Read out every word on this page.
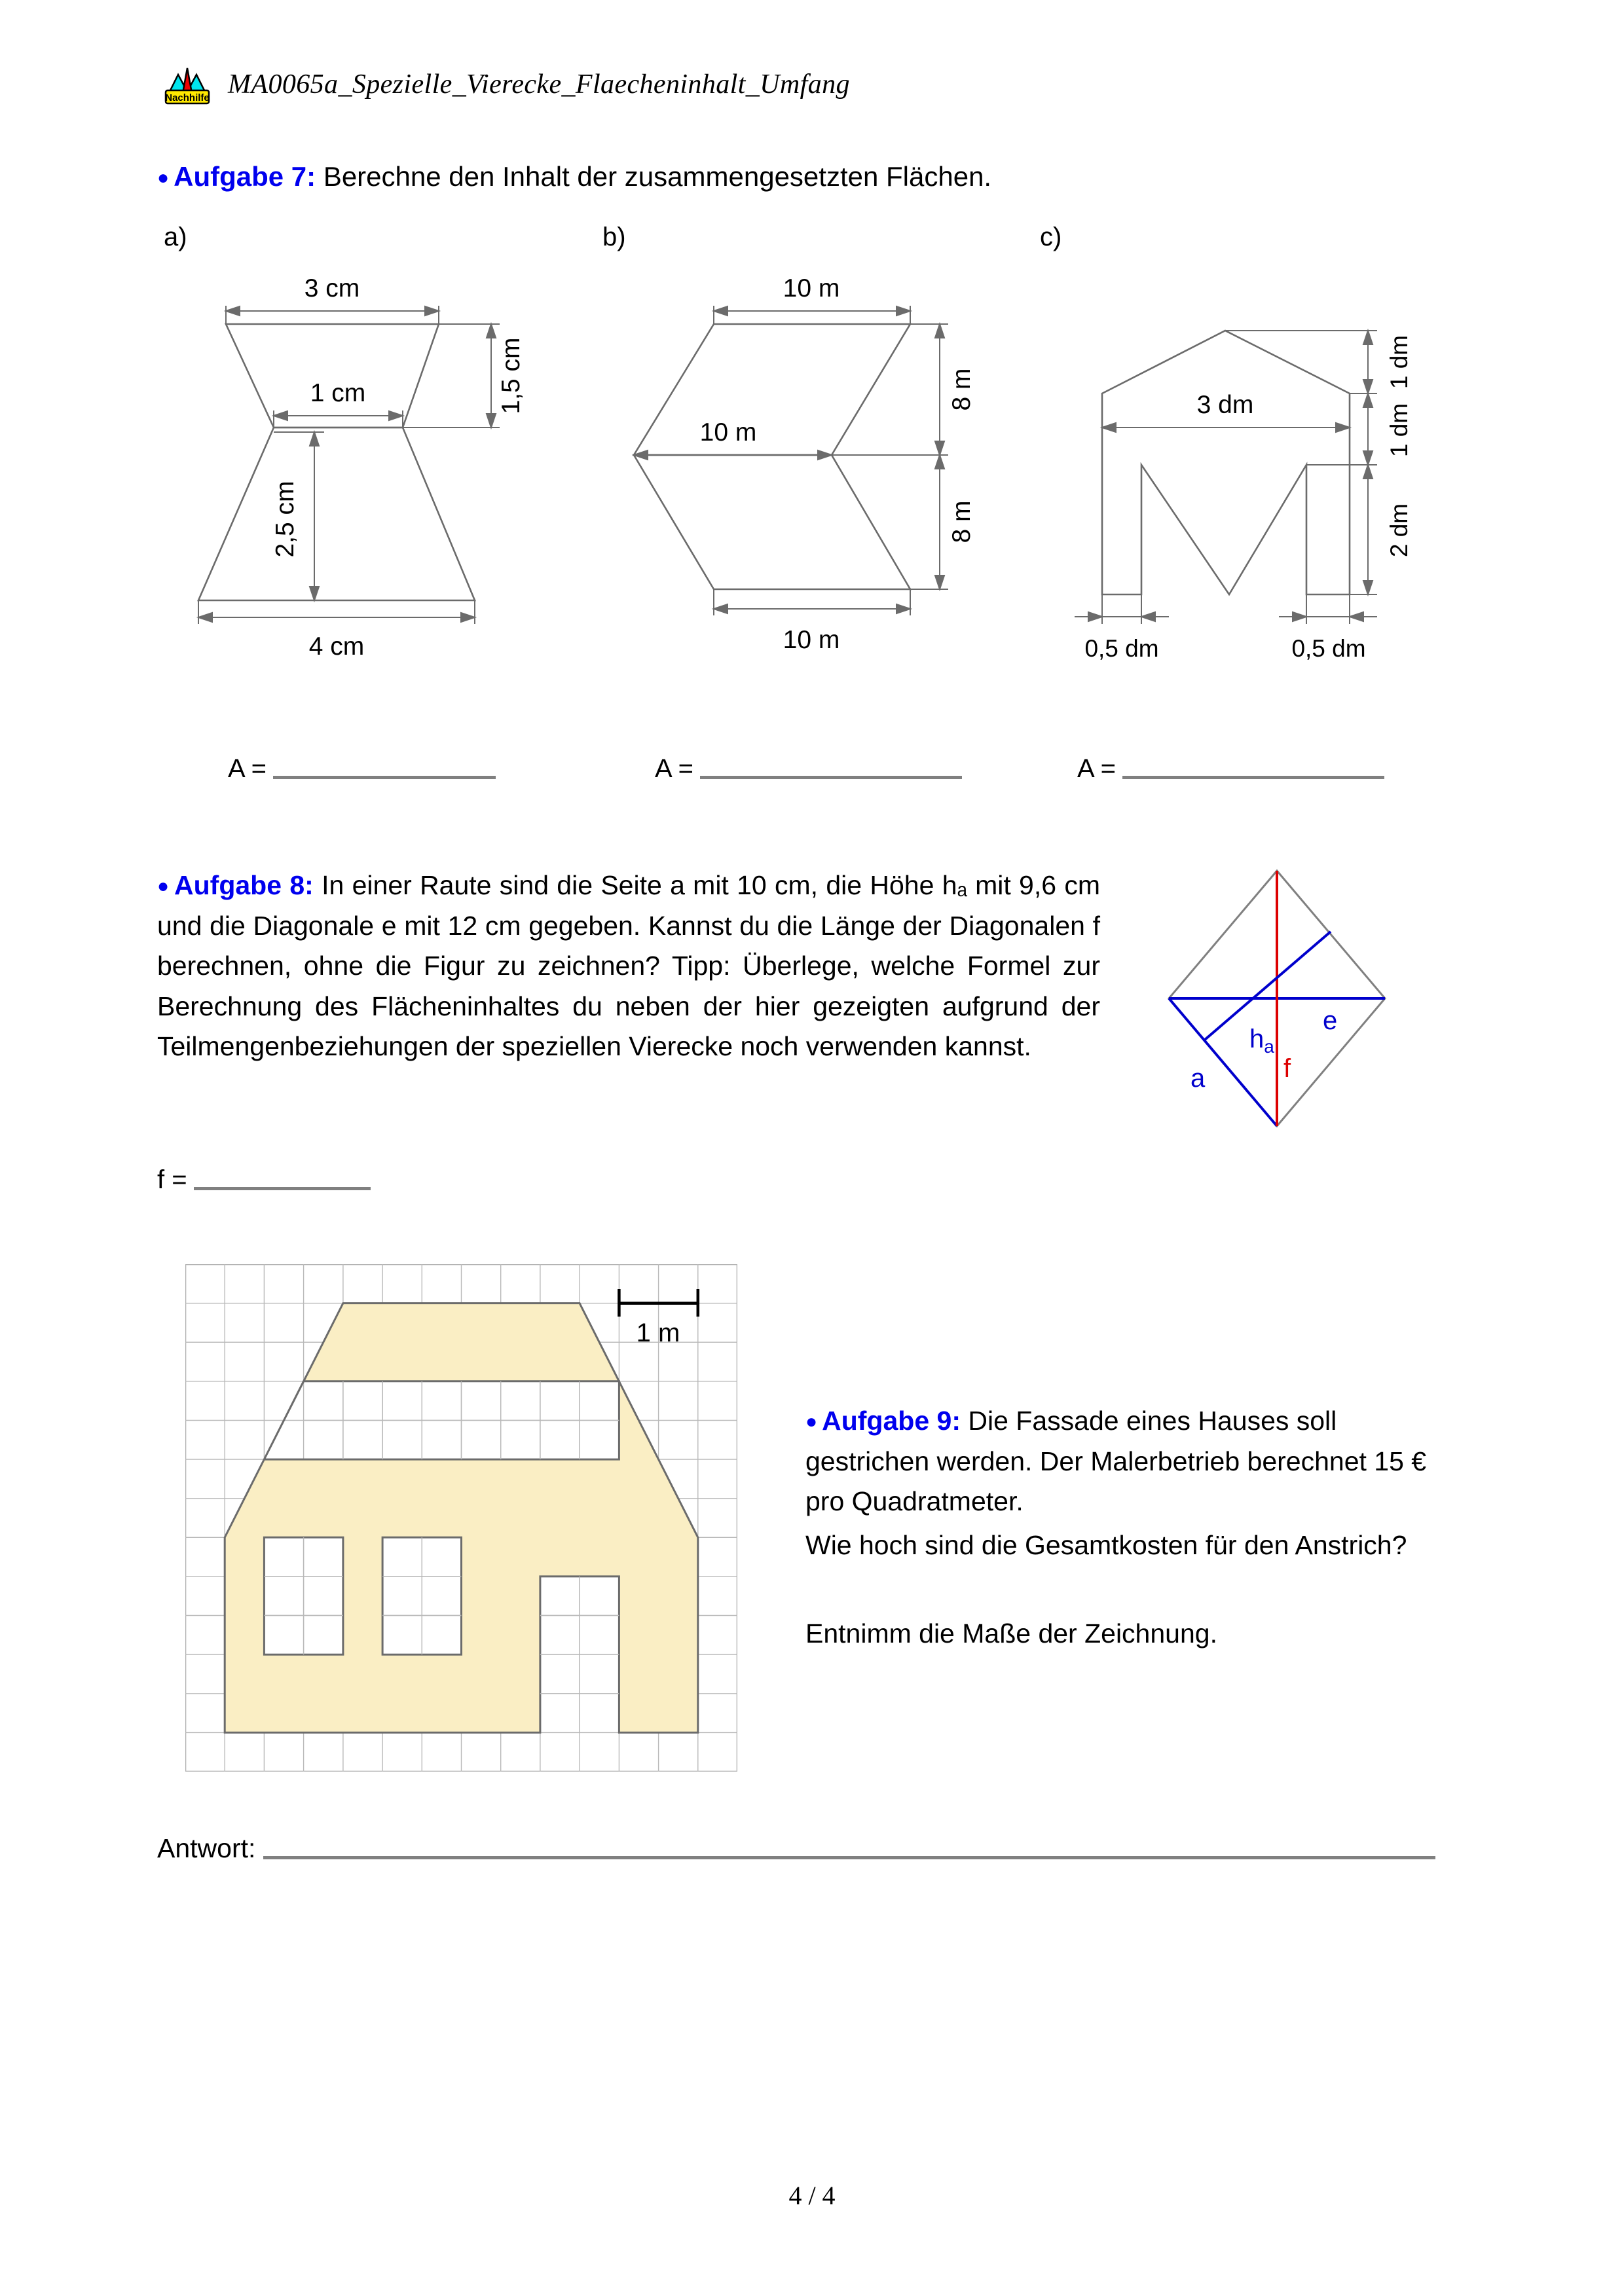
Nachhilfe MA0065a_Spezielle_Vierecke_Flaecheninhalt_Umfang
● Aufgabe 7: Berechne den Inhalt der zusammengesetzten Flächen.
a)	b)	c)
3 cm
1 cm	1,5 cm
2,5 cm
4 cm
10 m
10 m
8 m
8 m
10 m
3 dm
1 dm
1 dm
2 dm
0,5 dm	0,5 dm
A =	A =	A =
● Aufgabe 8: In einer Raute sind die Seite a mit 10 cm, die Höhe hₐ mit 9,6 cm und die Diagonale e mit 12 cm gegeben. Kannst du die Länge der Diagonalen f berechnen, ohne die Figur zu zeichnen? Tipp: Überlege, welche Formel zur Berechnung des Flächeninhaltes du neben der hier gezeigten aufgrund der Teilmengenbeziehungen der speziellen Vierecke noch verwenden kannst.	$h_a$
e
f
a
f =
1 m
● Aufgabe 9: Die Fassade eines Hauses soll gestrichen werden. Der Malerbetrieb berechnet 15 € pro Quadratmeter.
Wie hoch sind die Gesamtkosten für den Anstrich?
Entnimm die Maße der Zeichnung.
Antwort:
4 / 4
